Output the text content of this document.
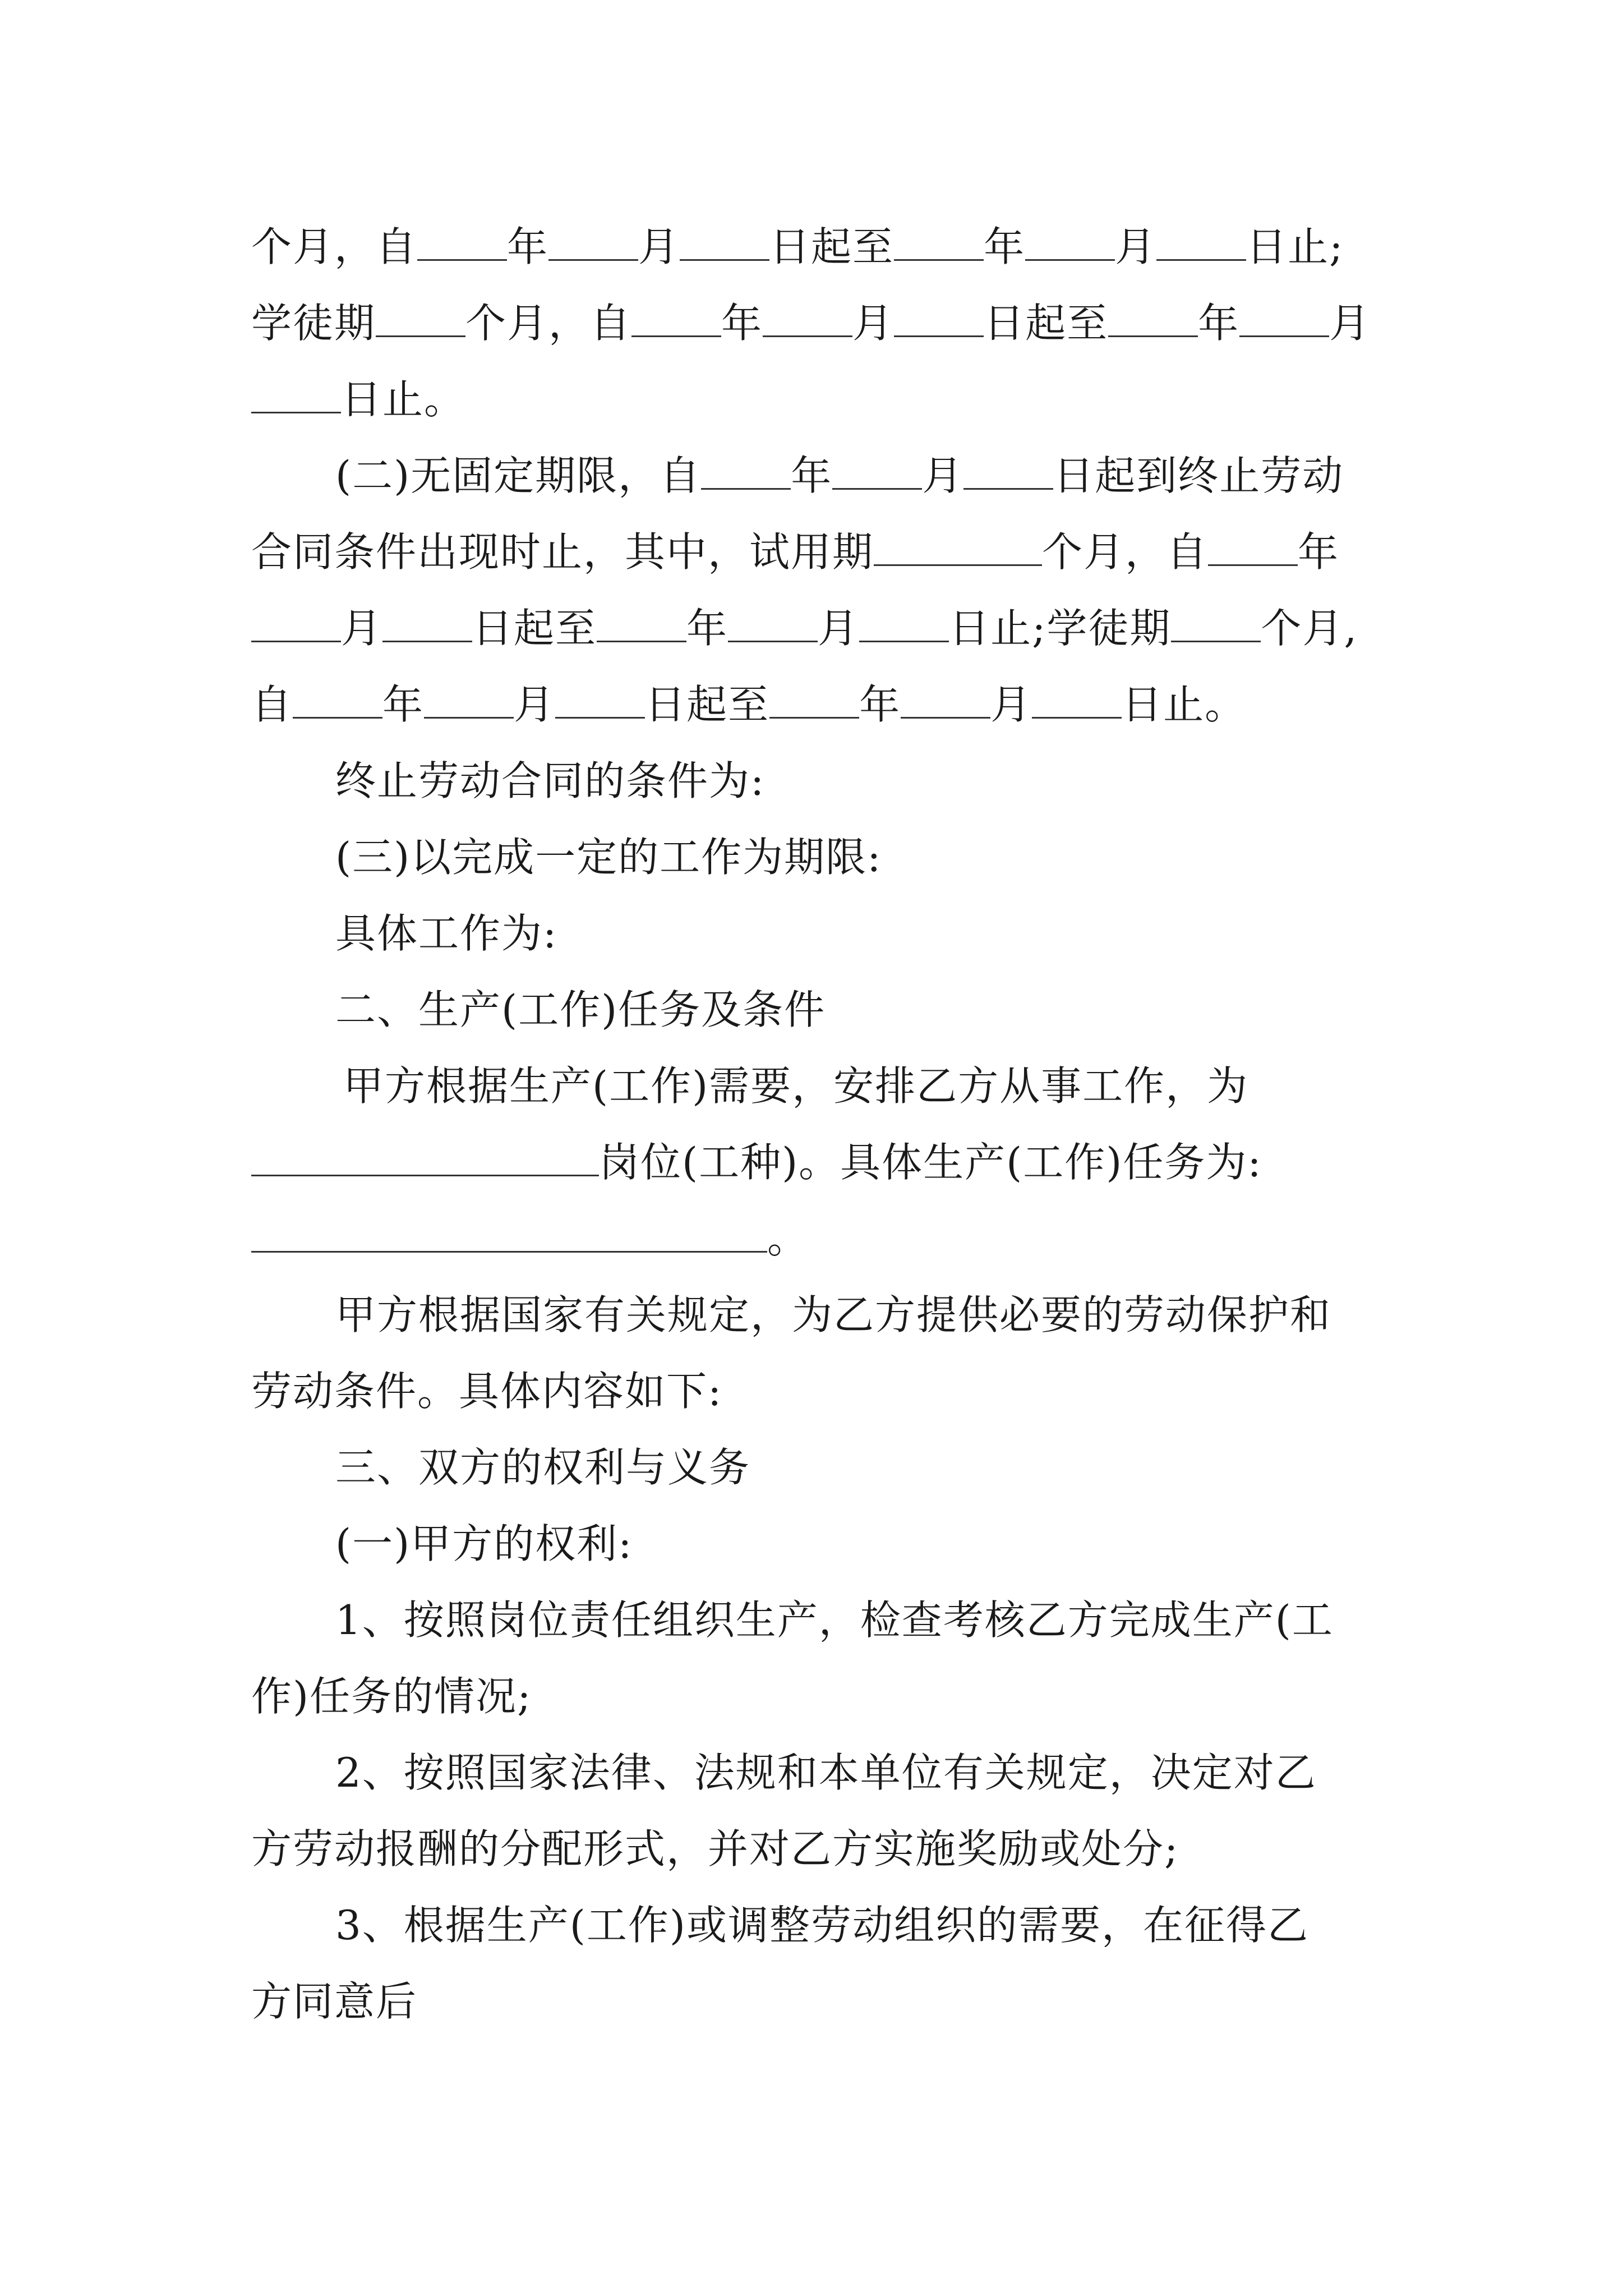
个月，自 年 月 日起至 年 月 日止;
学徒期 个月，自 年 月 日起至 年 月
日止。
(二)无固定期限，自 年 月 日起到终止劳动
合同条件出现时止，其中，试用期	个月，自 年
月 日起至 年 月 日止;学徒期 个月,
自 年 月 日起至 年 月 日止。
终止劳动合同的条件为:
(三)以完成一定的工作为期限:
具体工作为:
二、生产(工作)任务及条件
甲方根据生产(工作)需要，安排乙方从事工作，为
岗位(工种)。具体生产(工作)任务为:
。
甲方根据国家有关规定，为乙方提供必要的劳动保护和
劳动条件。具体内容如下:
三、双方的权利与义务
(一)甲方的权利:
1、按照岗位责任组织生产，检查考核乙方完成生产(工
作)任务的情况;
2、按照国家法律、法规和本单位有关规定，决定对乙
方劳动报酬的分配形式，并对乙方实施奖励或处分;
3、根据生产(工作)或调整劳动组织的需要，在征得乙
方同意后
